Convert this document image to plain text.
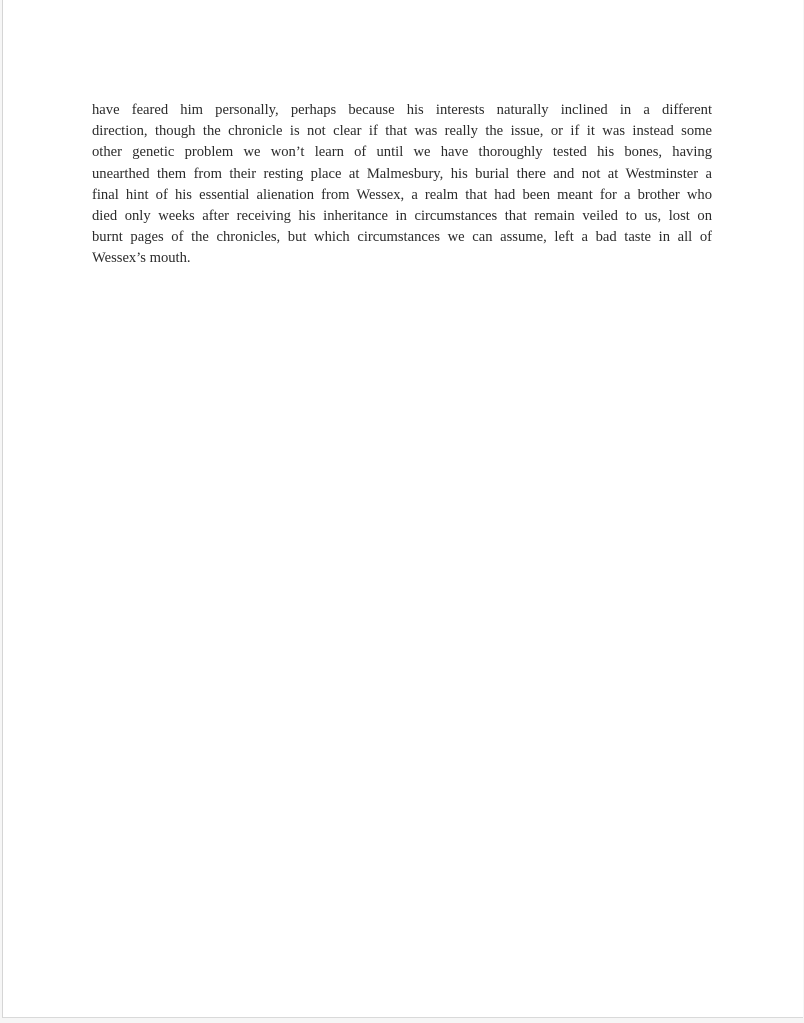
have feared him personally, perhaps because his interests naturally inclined in a different
direction, though the chronicle is not clear if that was really the issue, or if it was instead some
other genetic problem we won’t learn of until we have thoroughly tested his bones, having
unearthed them from their resting place at Malmesbury, his burial there and not at Westminster a
final hint of his essential alienation from Wessex, a realm that had been meant for a brother who
died only weeks after receiving his inheritance in circumstances that remain veiled to us, lost on
burnt pages of the chronicles, but which circumstances we can assume, left a bad taste in all of
Wessex’s mouth.
